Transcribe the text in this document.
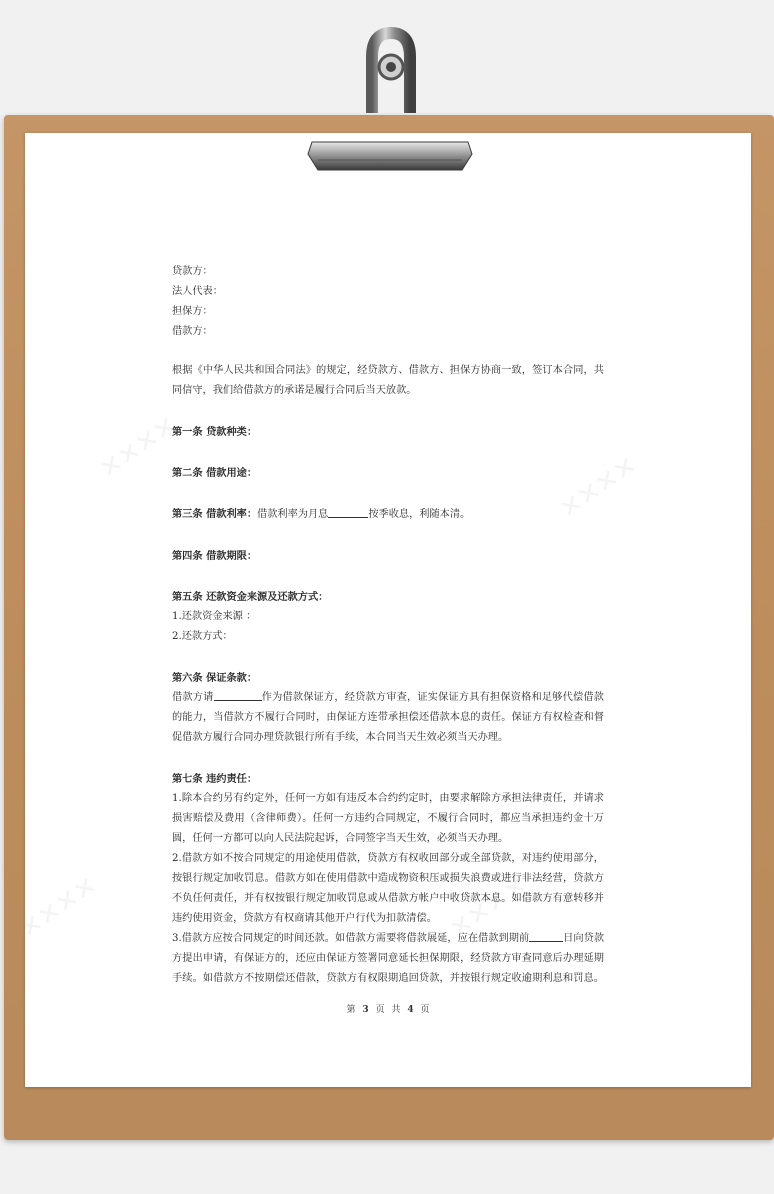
✕✕✕✕
✕✕✕✕
✕✕✕✕	✕✕✕✕
贷款方：
法人代表：
担保方：
借款方：
根据《中华人民共和国合同法》的规定，经贷款方、借款方、担保方协商一致，签订本合同，共
同信守，我们给借款方的承诺是履行合同后当天放款。
第一条 贷款种类：
第二条 借款用途：
第三条 借款利率：借款利率为月息	按季收息，利随本清。
第四条 借款期限：
第五条 还款资金来源及还款方式：
1.还款资金来源 ：
2.还款方式：
第六条 保证条款：
借款方请	作为借款保证方，经贷款方审查，证实保证方具有担保资格和足够代偿借款
的能力，当借款方不履行合同时，由保证方连带承担偿还借款本息的责任。保证方有权检查和督
促借款方履行合同办理贷款银行所有手续，本合同当天生效必须当天办理。
第七条 违约责任：
1.除本合约另有约定外，任何一方如有违反本合约约定时，由要求解除方承担法律责任，并请求
损害赔偿及费用（含律师费）。任何一方违约合同规定，不履行合同时，都应当承担违约金十万
圆，任何一方都可以向人民法院起诉，合同签字当天生效，必须当天办理。
2.借款方如不按合同规定的用途使用借款，贷款方有权收回部分或全部贷款，对违约使用部分，
按银行规定加收罚息。借款方如在使用借款中造成物资积压或损失浪费或进行非法经营，贷款方
不负任何责任，并有权按银行规定加收罚息或从借款方帐户中收贷款本息。如借款方有意转移并
违约使用资金，贷款方有权商请其他开户行代为扣款清偿。
3.借款方应按合同规定的时间还款。如借款方需要将借款展延，应在借款到期前	日向贷款
方提出申请，有保证方的，还应由保证方签署同意延长担保期限，经贷款方审查同意后办理延期
手续。如借款方不按期偿还借款，贷款方有权限期追回贷款，并按银行规定收逾期利息和罚息。
第 3 页 共 4 页
